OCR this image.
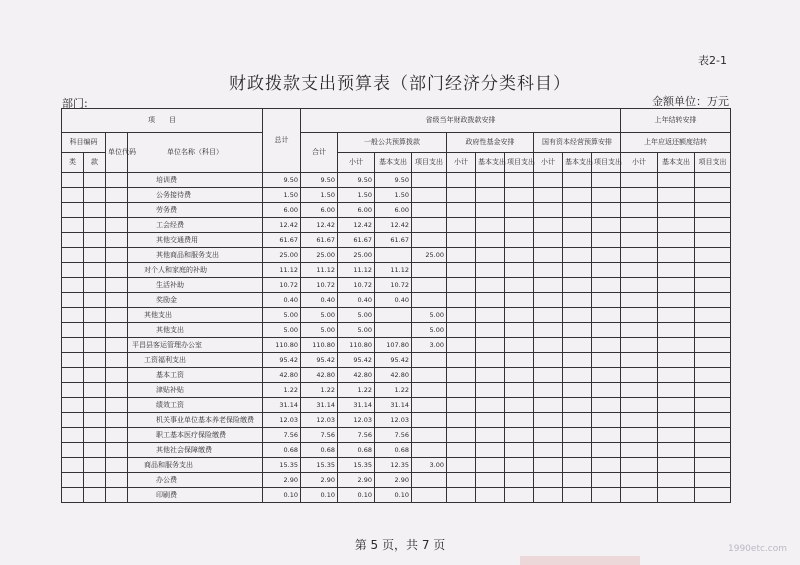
表2-1
财政拨款支出预算表（部门经济分类科目）
部门:	金额单位：万元
项　　目				总计	省级当年财政拨款安排										上年结转安排			
科目编码		单位代码	单位名称（科目）		合计	一般公共预算拨款			政府性基金安排			国有资本经营预算安排			上年应返还额度结转			
类	款					小计	基本支出	项目支出	小计	基本支出	项目支出	小计	基本支出	项目支出	小计	基本支出	项目支出	
			培训费	9.50	9.50	9.50	9.50											
			公务接待费	1.50	1.50	1.50	1.50											
			劳务费	6.00	6.00	6.00	6.00											
			工会经费	12.42	12.42	12.42	12.42											
			其他交通费用	61.67	61.67	61.67	61.67											
			其他商品和服务支出	25.00	25.00	25.00		25.00										
			对个人和家庭的补助	11.12	11.12	11.12	11.12											
			生活补助	10.72	10.72	10.72	10.72											
			奖励金	0.40	0.40	0.40	0.40											
			其他支出	5.00	5.00	5.00		5.00										
			其他支出	5.00	5.00	5.00		5.00										
			平昌县客运管理办公室	110.80	110.80	110.80	107.80	3.00										
			工资福利支出	95.42	95.42	95.42	95.42											
			基本工资	42.80	42.80	42.80	42.80											
			津贴补贴	1.22	1.22	1.22	1.22											
			绩效工资	31.14	31.14	31.14	31.14											
			机关事业单位基本养老保险缴费	12.03	12.03	12.03	12.03											
			职工基本医疗保险缴费	7.56	7.56	7.56	7.56											
			其他社会保障缴费	0.68	0.68	0.68	0.68											
			商品和服务支出	15.35	15.35	15.35	12.35	3.00										
			办公费	2.90	2.90	2.90	2.90											
			印刷费	0.10	0.10	0.10	0.10											
第 5 页，共 7 页	1990etc.com
